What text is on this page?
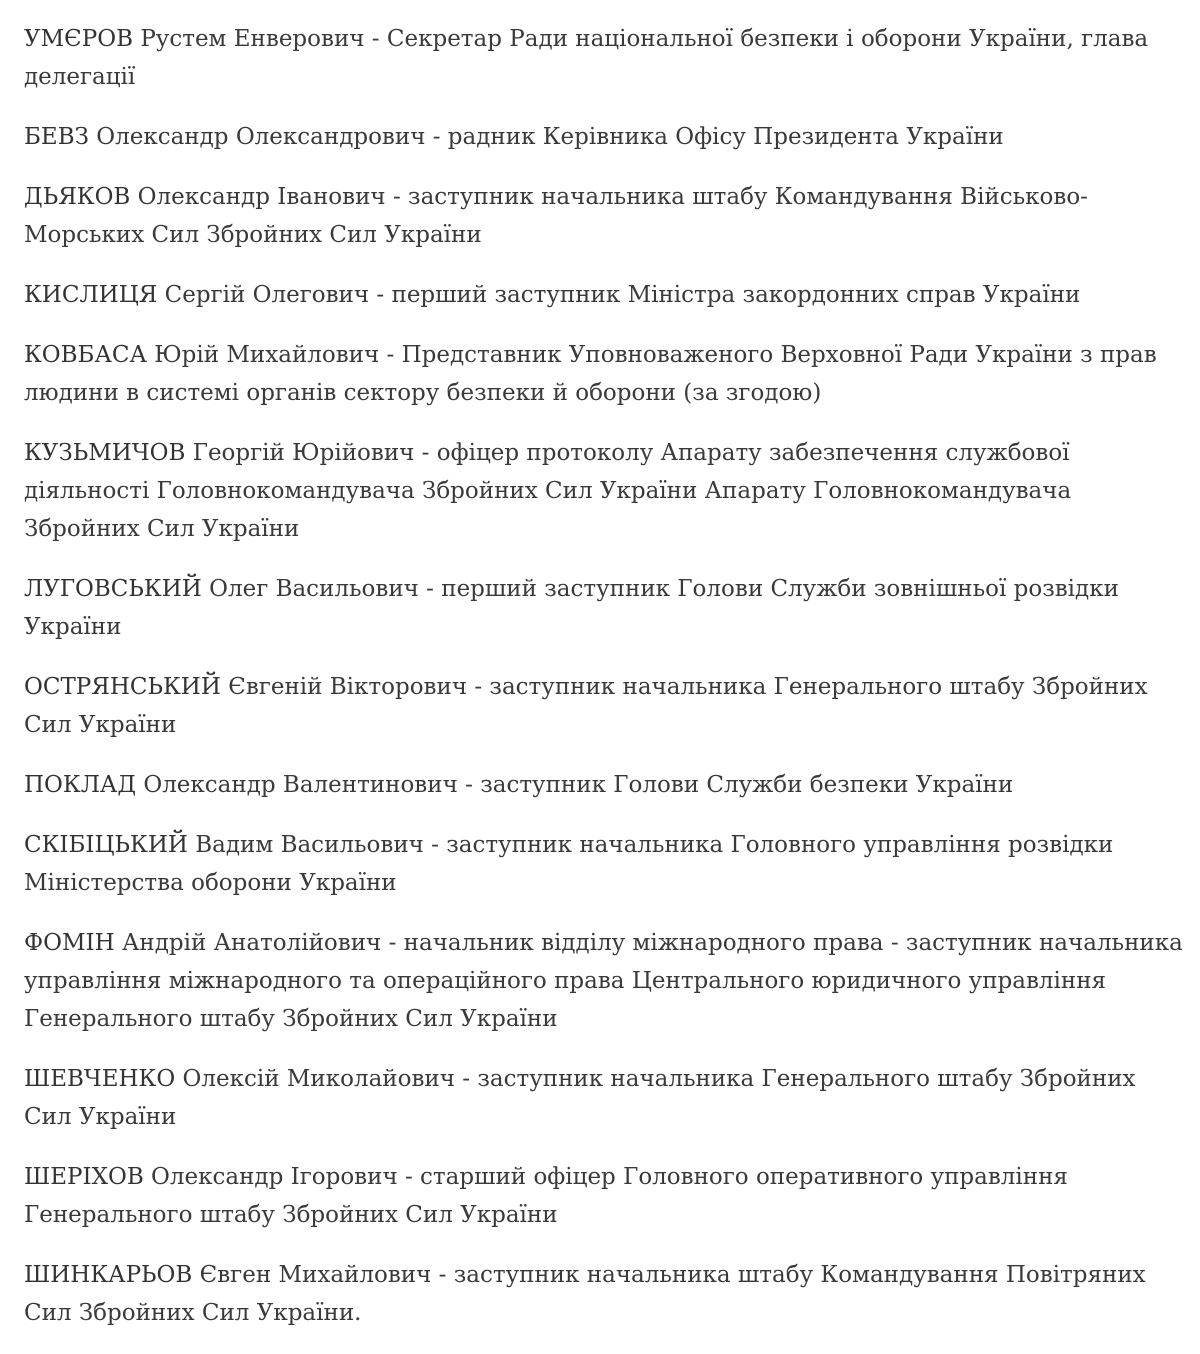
УМЄРОВ Рустем Енверович - Секретар Ради національної безпеки і оборони України, глава делегації

БЕВЗ Олександр Олександрович - радник Керівника Офісу Президента України

ДЬЯКОВ Олександр Іванович - заступник начальника штабу Командування Військово-Морських Сил Збройних Сил України

КИСЛИЦЯ Сергій Олегович - перший заступник Міністра закордонних справ України

КОВБАСА Юрій Михайлович - Представник Уповноваженого Верховної Ради України з прав людини в системі органів сектору безпеки й оборони (за згодою)

КУЗЬМИЧОВ Георгій Юрійович - офіцер протоколу Апарату забезпечення службової діяльності Головнокомандувача Збройних Сил України Апарату Головнокомандувача Збройних Сил України

ЛУГОВСЬКИЙ Олег Васильович - перший заступник Голови Служби зовнішньої розвідки України

ОСТРЯНСЬКИЙ Євгеній Вікторович - заступник начальника Генерального штабу Збройних Сил України

ПОКЛАД Олександр Валентинович - заступник Голови Служби безпеки України

СКІБІЦЬКИЙ Вадим Васильович - заступник начальника Головного управління розвідки Міністерства оборони України

ФОМІН Андрій Анатолійович - начальник відділу міжнародного права - заступник начальника управління міжнародного та операційного права Центрального юридичного управління Генерального штабу Збройних Сил України

ШЕВЧЕНКО Олексій Миколайович - заступник начальника Генерального штабу Збройних Сил України

ШЕРІХОВ Олександр Ігорович - старший офіцер Головного оперативного управління Генерального штабу Збройних Сил України

ШИНКАРЬОВ Євген Михайлович - заступник начальника штабу Командування Повітряних Сил Збройних Сил України.
